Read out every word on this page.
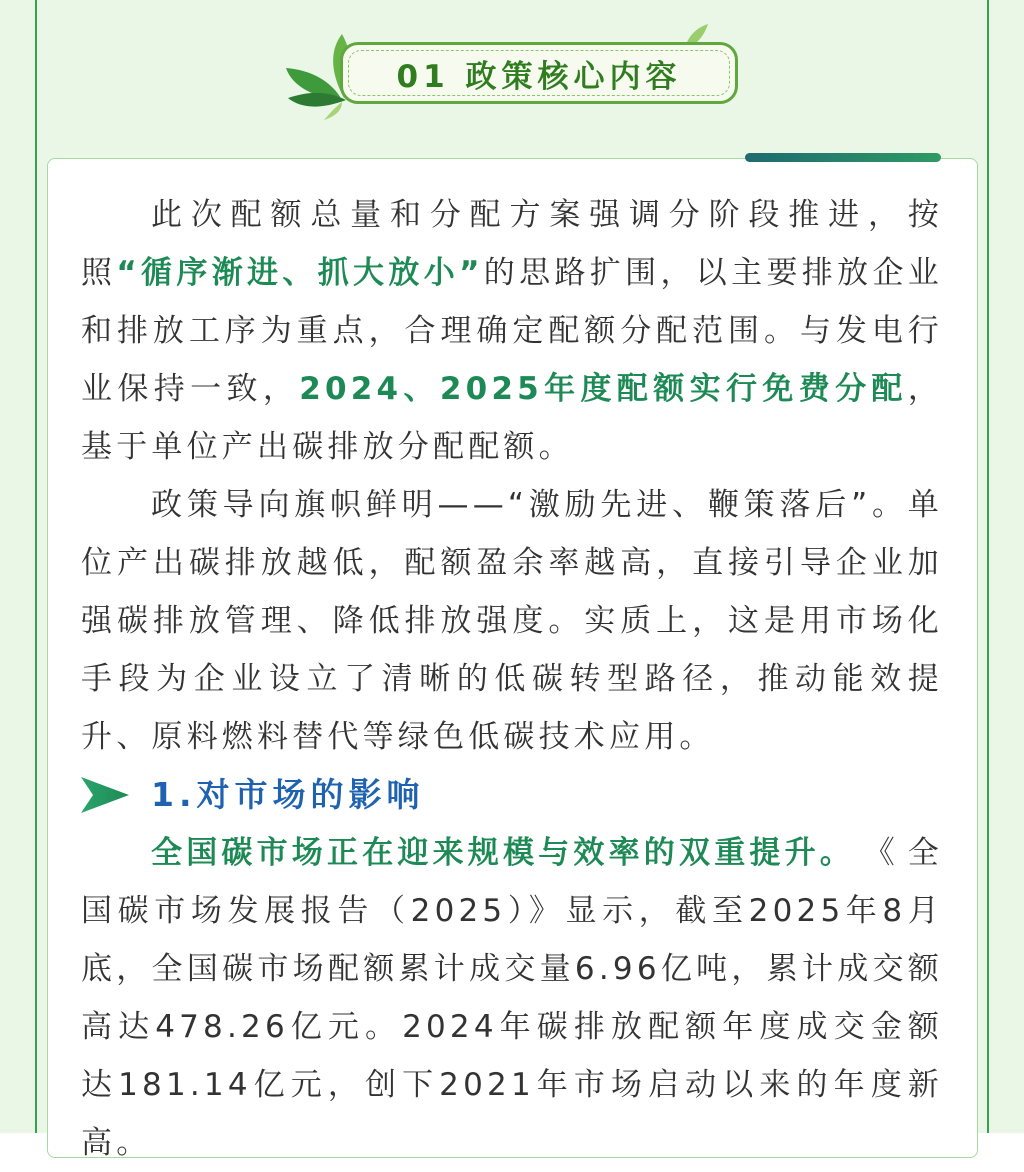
01 政策核心内容

此次配额总量和分配方案强调分阶段推进，按照“循序渐进、抓大放小”的思路扩围，以主要排放企业和排放工序为重点，合理确定配额分配范围。与发电行业保持一致，2024、2025年度配额实行免费分配，基于单位产出碳排放分配配额。

政策导向旗帜鲜明——“激励先进、鞭策落后”。单位产出碳排放越低，配额盈余率越高，直接引导企业加强碳排放管理、降低排放强度。实质上，这是用市场化手段为企业设立了清晰的低碳转型路径，推动能效提升、原料燃料替代等绿色低碳技术应用。

1.对市场的影响

全国碳市场正在迎来规模与效率的双重提升。《全国碳市场发展报告（2025）》显示，截至2025年8月底，全国碳市场配额累计成交量6.96亿吨，累计成交额高达478.26亿元。2024年碳排放配额年度成交金额达181.14亿元，创下2021年市场启动以来的年度新高。
